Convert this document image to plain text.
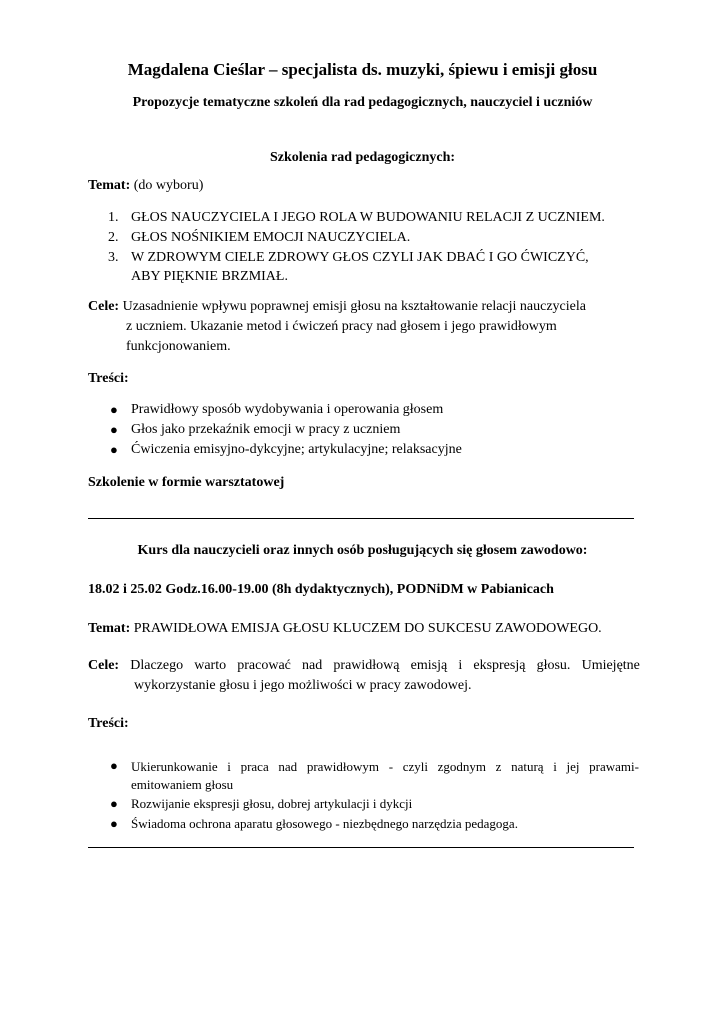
Magdalena Cieślar – specjalista ds. muzyki, śpiewu i emisji głosu
Propozycje tematyczne szkoleń dla rad pedagogicznych, nauczyciel i uczniów
Szkolenia rad pedagogicznych:
Temat: (do wyboru)
1. GŁOS NAUCZYCIELA I JEGO ROLA W BUDOWANIU RELACJI Z UCZNIEM.
2. GŁOS NOŚNIKIEM EMOCJI NAUCZYCIELA.
3. W ZDROWYM CIELE ZDROWY GŁOS CZYLI JAK DBAĆ I GO ĆWICZYĆ,
ABY PIĘKNIE BRZMIAŁ.
Cele: Uzasadnienie wpływu poprawnej emisji głosu na kształtowanie relacji nauczyciela
z uczniem. Ukazanie metod i ćwiczeń pracy nad głosem i jego prawidłowym
funkcjonowaniem.
Treści:
● Prawidłowy sposób wydobywania i operowania głosem
● Głos jako przekaźnik emocji w pracy z uczniem
● Ćwiczenia emisyjno-dykcyjne; artykulacyjne; relaksacyjne
Szkolenie w formie warsztatowej
Kurs dla nauczycieli oraz innych osób posługujących się głosem zawodowo:
18.02 i 25.02 Godz.16.00-19.00 (8h dydaktycznych), PODNiDM w Pabianicach
Temat: PRAWIDŁOWA EMISJA GŁOSU KLUCZEM DO SUKCESU ZAWODOWEGO.
Cele: Dlaczego warto pracować nad prawidłową emisją i ekspresją głosu. Umiejętne
wykorzystanie głosu i jego możliwości w pracy zawodowej.
Treści:
● Ukierunkowanie i praca nad prawidłowym - czyli zgodnym z naturą i jej prawami-
emitowaniem głosu
● Rozwijanie ekspresji głosu, dobrej artykulacji i dykcji
● Świadoma ochrona aparatu głosowego - niezbędnego narzędzia pedagoga.
